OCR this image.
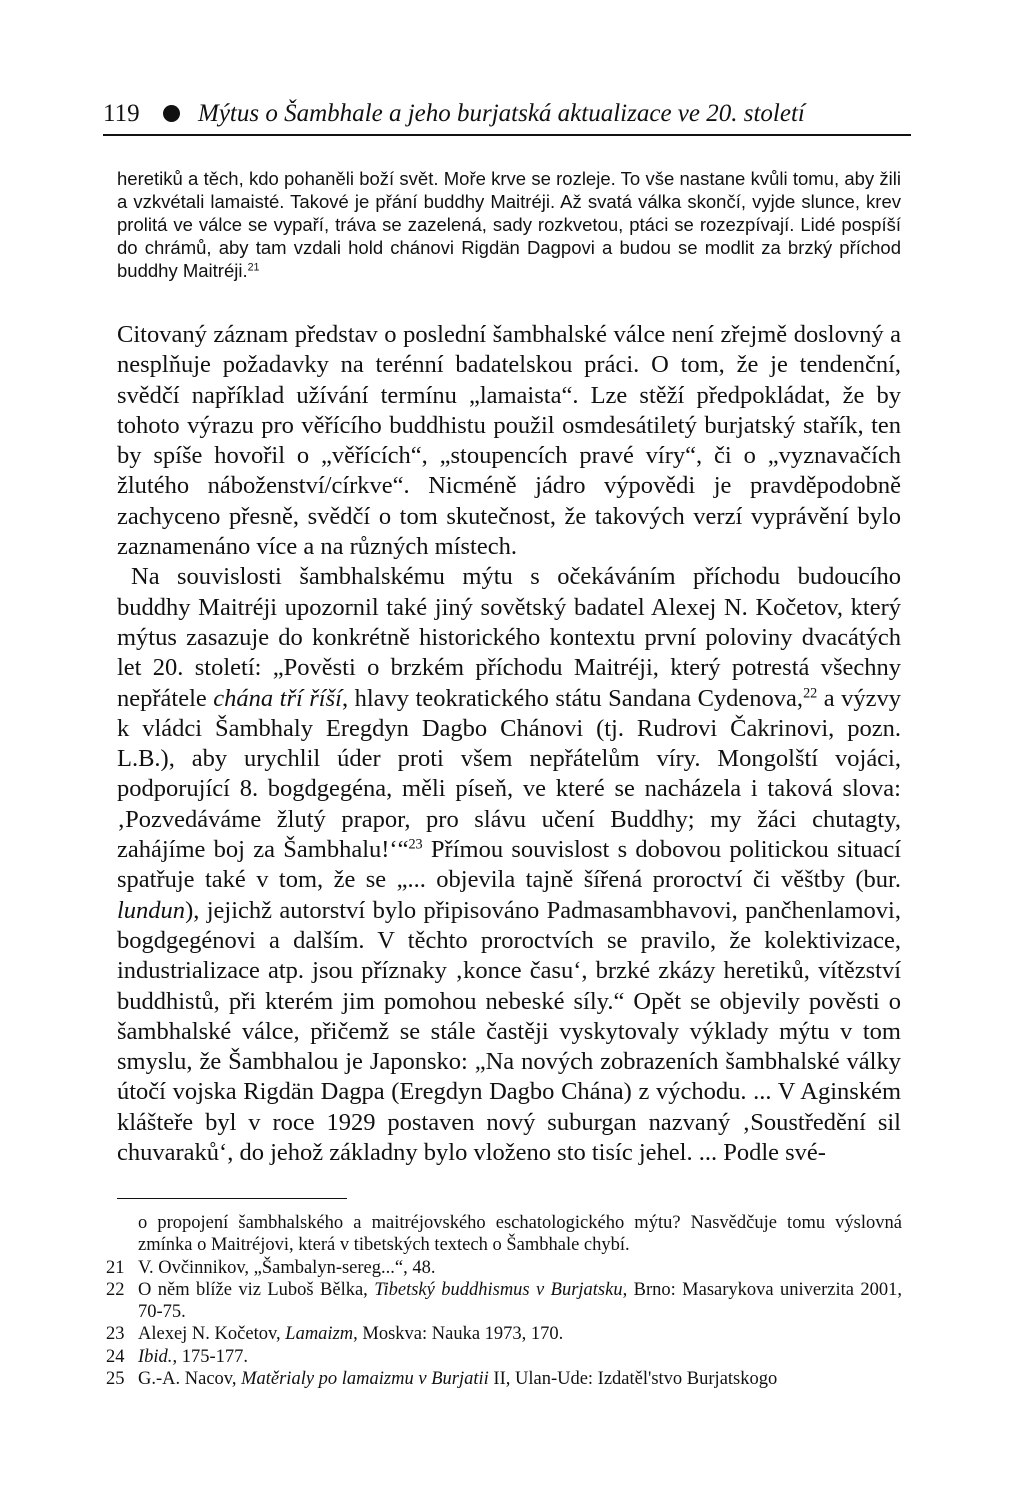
119 Mýtus o Šambhale a jeho burjatská aktualizace ve 20. století

heretiků a těch, kdo pohaněli boží svět. Moře krve se rozleje. To vše nastane kvůli tomu, aby žili a vzkvétali lamaisté. Takové je přání buddhy Maitréji. Až svatá válka skončí, vyjde slunce, krev prolitá ve válce se vypaří, tráva se zazelená, sady rozkvetou, ptáci se rozezpívají. Lidé pospíší do chrámů, aby tam vzdali hold chánovi Rigdän Dagpovi a budou se modlit za brzký příchod buddhy Maitréji.$^{21}$

Citovaný záznam představ o poslední šambhalské válce není zřejmě doslovný a nesplňuje požadavky na terénní badatelskou práci. O tom, že je tendenční, svědčí například užívání termínu „lamaista“. Lze stěží předpokládat, že by tohoto výrazu pro věřícího buddhistu použil osmdesátiletý burjatský stařík, ten by spíše hovořil o „věřících“, „stoupencích pravé víry“, či o „vyznavačích žlutého náboženství/církve“. Nicméně jádro výpovědi je pravděpodobně zachyceno přesně, svědčí o tom skutečnost, že takových verzí vyprávění bylo zaznamenáno více a na různých místech.

Na souvislosti šambhalskému mýtu s očekáváním příchodu budoucího buddhy Maitréji upozornil také jiný sovětský badatel Alexej N. Kočetov, který mýtus zasazuje do konkrétně historického kontextu první poloviny dvacátých let 20. století: „Pověsti o brzkém příchodu Maitréji, který potrestá všechny nepřátele chána tří říší, hlavy teokratického státu Sandana Cydenova,$^{22}$ a výzvy k vládci Šambhaly Eregdyn Dagbo Chánovi (tj. Rudrovi Čakrinovi, pozn. L.B.), aby urychlil úder proti všem nepřátelům víry. Mongolští vojáci, podporující 8. bogdgegéna, měli píseň, ve které se nacházela i taková slova: ‚Pozvedáváme žlutý prapor, pro slávu učení Buddhy; my žáci chutagty, zahájíme boj za Šambhalu!‘“$^{23}$ Přímou souvislost s dobovou politickou situací spatřuje také v tom, že se „... objevila tajně šířená proroctví či věštby (bur. lundun), jejichž autorství bylo připisováno Padmasambhavovi, pančhenlamovi, bogdgegénovi a dalším. V těchto proroctvích se pravilo, že kolektivizace, industrializace atp. jsou příznaky ‚konce času‘, brzké zkázy heretiků, vítězství buddhistů, při kterém jim pomohou nebeské síly.“ Opět se objevily pověsti o šambhalské válce, přičemž se stále častěji vyskytovaly výklady mýtu v tom smyslu, že Šambhalou je Japonsko: „Na nových zobrazeních šambhalské války útočí vojska Rigdän Dagpa (Eregdyn Dagbo Chána) z východu. ... V Aginském klášteře byl v roce 1929 postaven nový suburgan nazvaný ‚Soustředění sil chuvaraků‘, do jehož základny bylo vloženo sto tisíc jehel. ... Podle své-

o propojení šambhalského a maitréjovského eschatologického mýtu? Nasvědčuje tomu výslovná zmínka o Maitréjovi, která v tibetských textech o Šambhale chybí.

21 V. Ovčinnikov, „Šambalyn-sereg...“, 48.

22 O něm blíže viz Luboš Bělka, Tibetský buddhismus v Burjatsku, Brno: Masarykova univerzita 2001, 70-75.

23 Alexej N. Kočetov, Lamaizm, Moskva: Nauka 1973, 170.

24 Ibid., 175-177.

25 G.-A. Nacov, Matěrialy po lamaizmu v Burjatii II, Ulan-Ude: Izdatěl'stvo Burjatskogo
